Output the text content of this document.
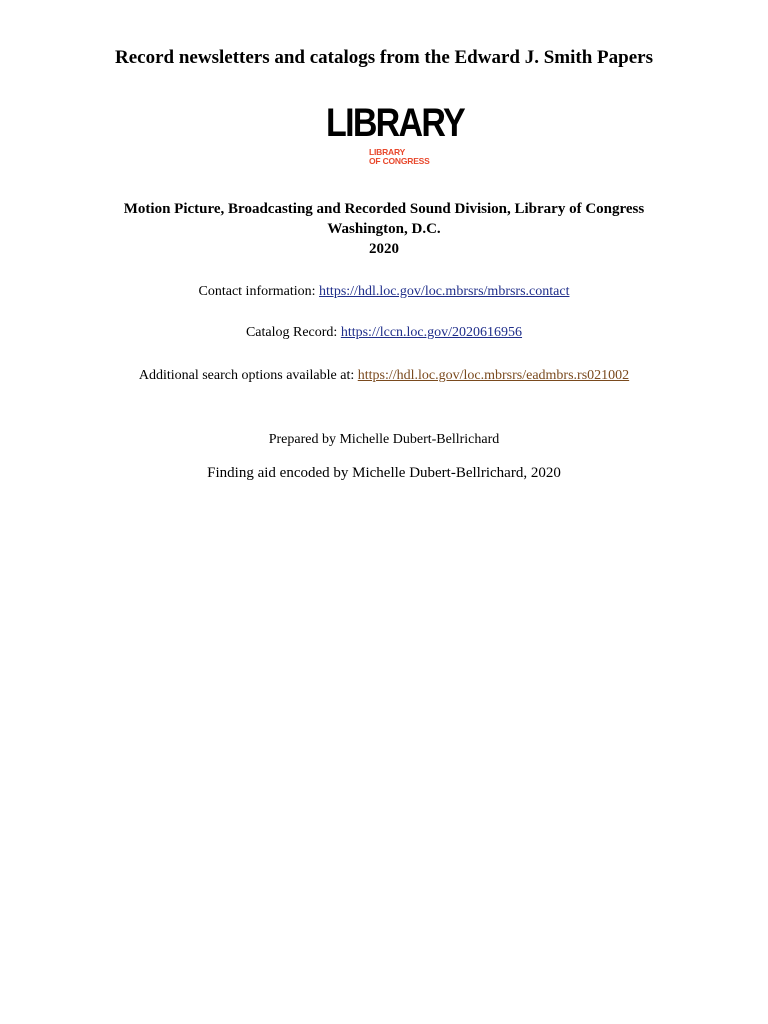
Record newsletters and catalogs from the Edward J. Smith Papers
LIBRARY
LIBRARY
OF CONGRESS
Motion Picture, Broadcasting and Recorded Sound Division, Library of Congress
Washington, D.C.
2020
Contact information: https://hdl.loc.gov/loc.mbrsrs/mbrsrs.contact
Catalog Record: https://lccn.loc.gov/2020616956
Additional search options available at: https://hdl.loc.gov/loc.mbrsrs/eadmbrs.rs021002
Prepared by Michelle Dubert-Bellrichard
Finding aid encoded by Michelle Dubert-Bellrichard, 2020
